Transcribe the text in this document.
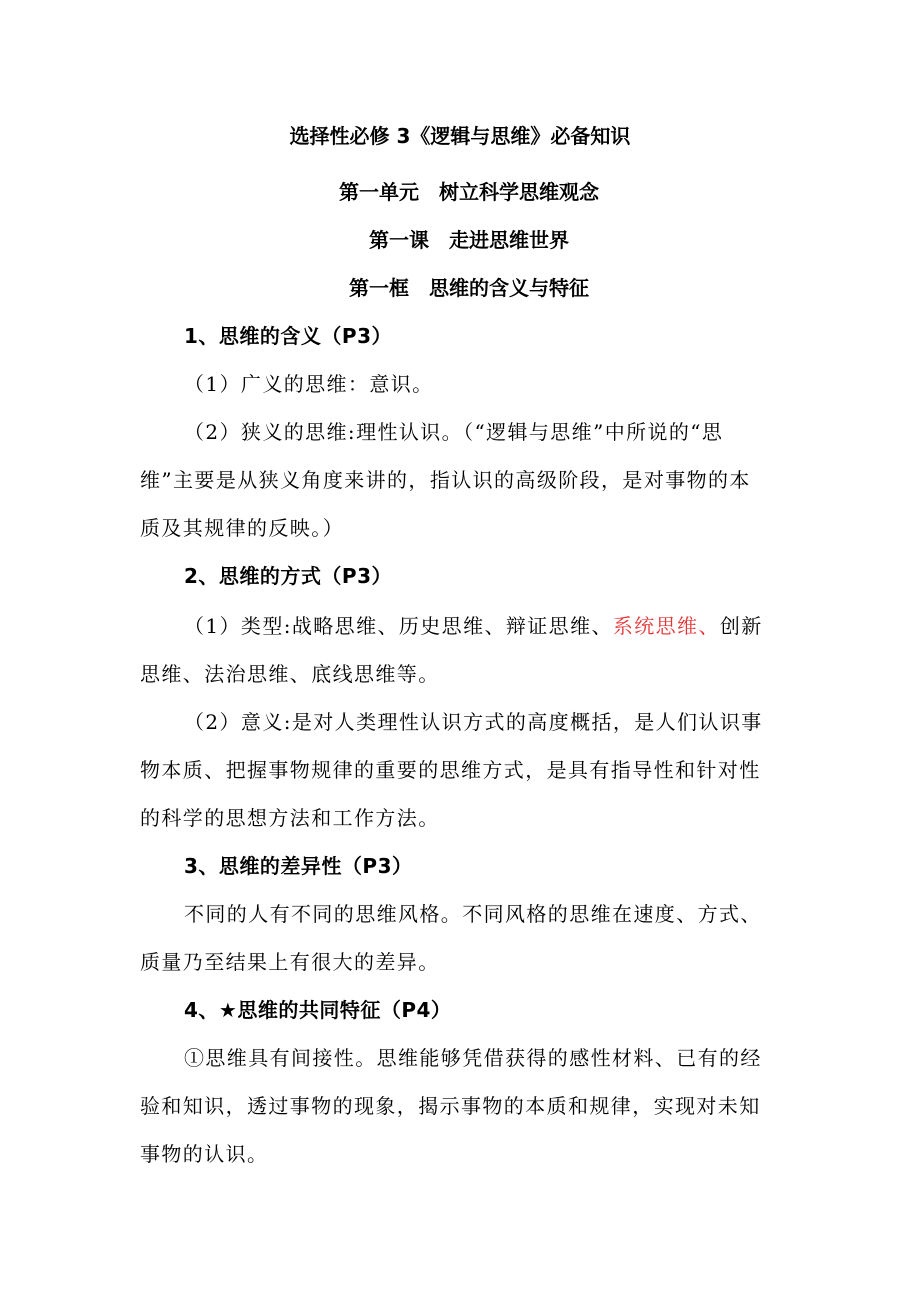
选择性必修 3《逻辑与思维》必备知识
第一单元　树立科学思维观念
第一课　走进思维世界
第一框　思维的含义与特征
1、思维的含义（P3）
（1）广义的思维：意识。
（2）狭义的思维:理性认识。（“逻辑与思维”中所说的“思
维”主要是从狭义角度来讲的，指认识的高级阶段，是对事物的本
质及其规律的反映。）
2、思维的方式（P3）
（1）类型:战略思维、历史思维、辩证思维、系统思维、创新
思维、法治思维、底线思维等。
（2）意义:是对人类理性认识方式的高度概括，是人们认识事
物本质、把握事物规律的重要的思维方式，是具有指导性和针对性
的科学的思想方法和工作方法。
3、思维的差异性（P3）
不同的人有不同的思维风格。不同风格的思维在速度、方式、
质量乃至结果上有很大的差异。
4、★思维的共同特征（P4）
①思维具有间接性。思维能够凭借获得的感性材料、已有的经
验和知识，透过事物的现象，揭示事物的本质和规律，实现对未知
事物的认识。
